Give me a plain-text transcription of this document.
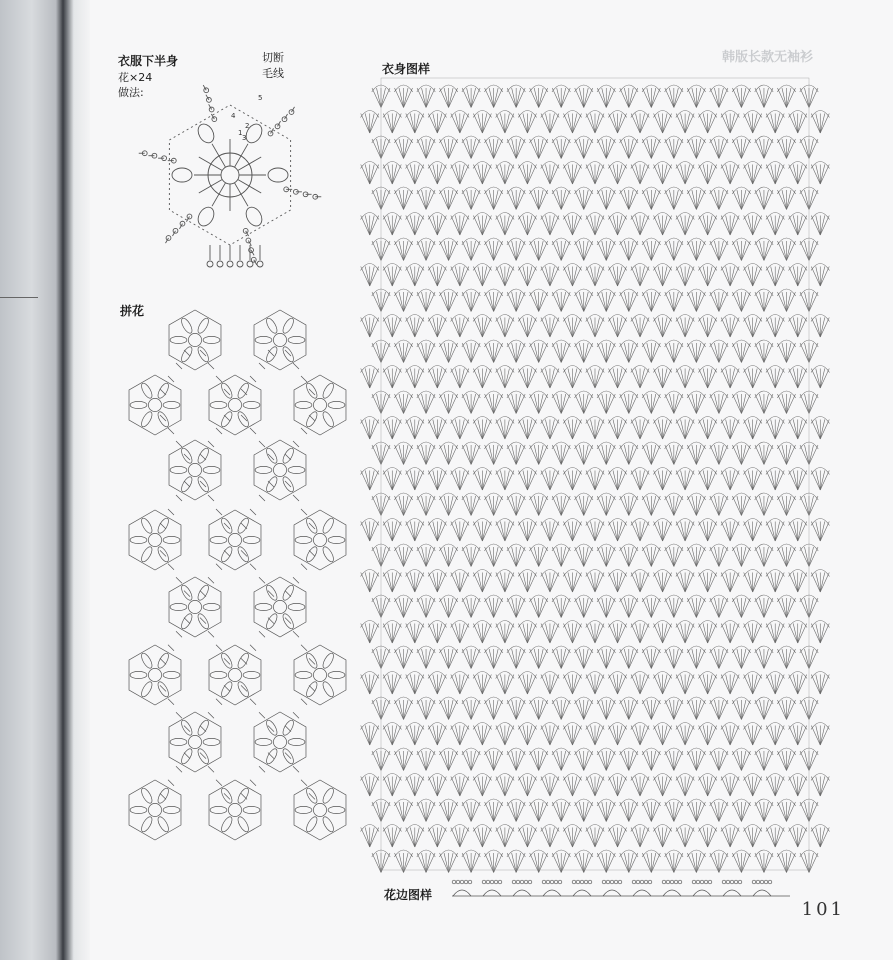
韩版长款无袖衫
衣服下半身
花×24
做法:
切断
毛线
1
2
3
4
5
拼花
衣身图样
花边图样
101
